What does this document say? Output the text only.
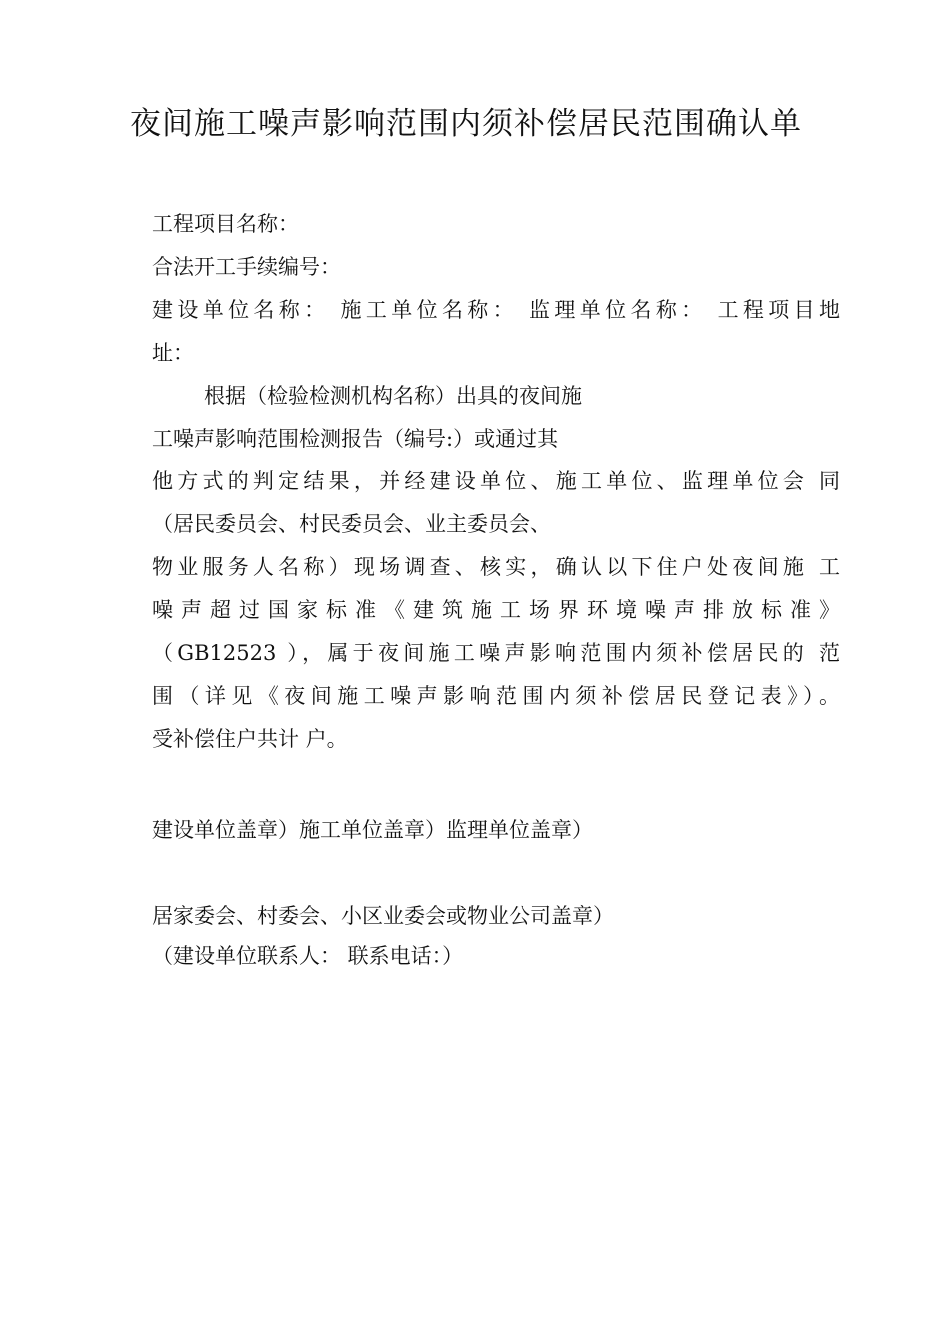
夜间施工噪声影响范围内须补偿居民范围确认单
工程项目名称：
合法开工手续编号：
建设单位名称： 施工单位名称： 监理单位名称： 工程项目地
址：
根据（检验检测机构名称）出具的夜间施
工噪声影响范围检测报告（编号:）或通过其
他方式的判定结果，并经建设单位、施工单位、监理单位会 同
（居民委员会、村民委员会、业主委员会、
物业服务人名称）现场调查、核实，确认以下住户处夜间施 工
噪声超过国家标准《建筑施工场界环境噪声排放标准》
（GB12523 ），属于夜间施工噪声影响范围内须补偿居民的 范
围（详见《夜间施工噪声影响范围内须补偿居民登记表》）。
受补偿住户共计 户。
建设单位盖章）施工单位盖章）监理单位盖章）
居家委会、村委会、小区业委会或物业公司盖章）
（建设单位联系人： 联系电话：）
